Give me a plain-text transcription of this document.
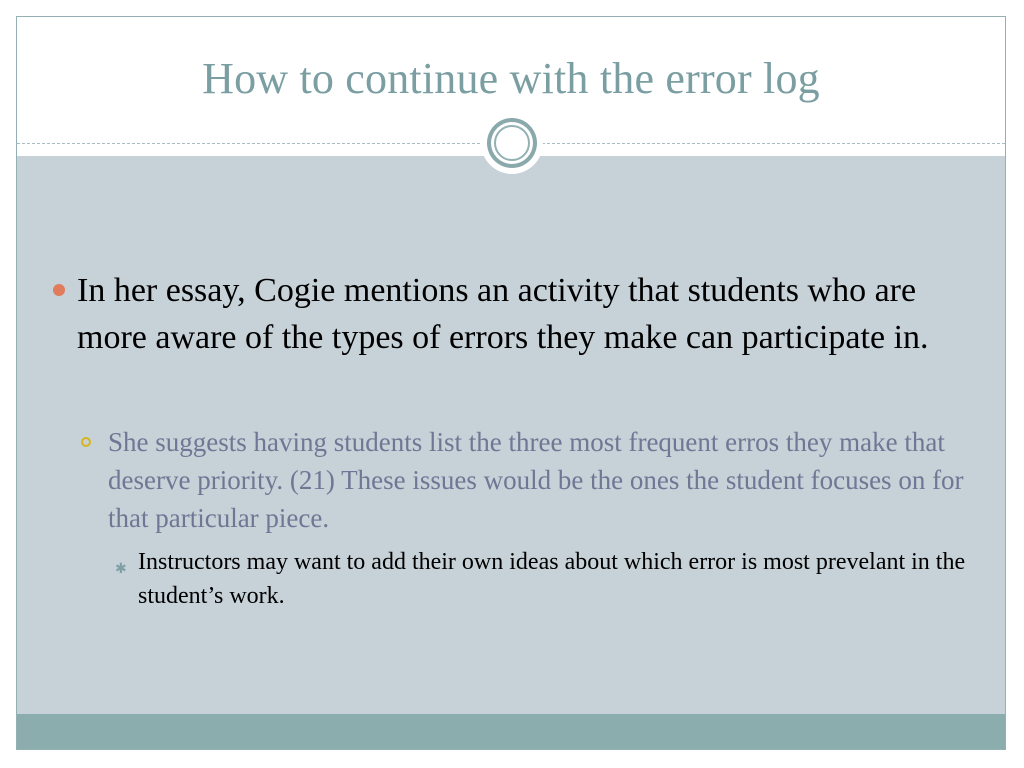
How to continue with the error log
In her essay, Cogie mentions an activity that students who are more aware of the types of errors they make can participate in.
She suggests having students list the three most frequent erros they make that deserve priority. (21) These issues would be the ones the student focuses on for that particular piece.
✱ Instructors may want to add their own ideas about which error is most prevelant in the student’s work.
